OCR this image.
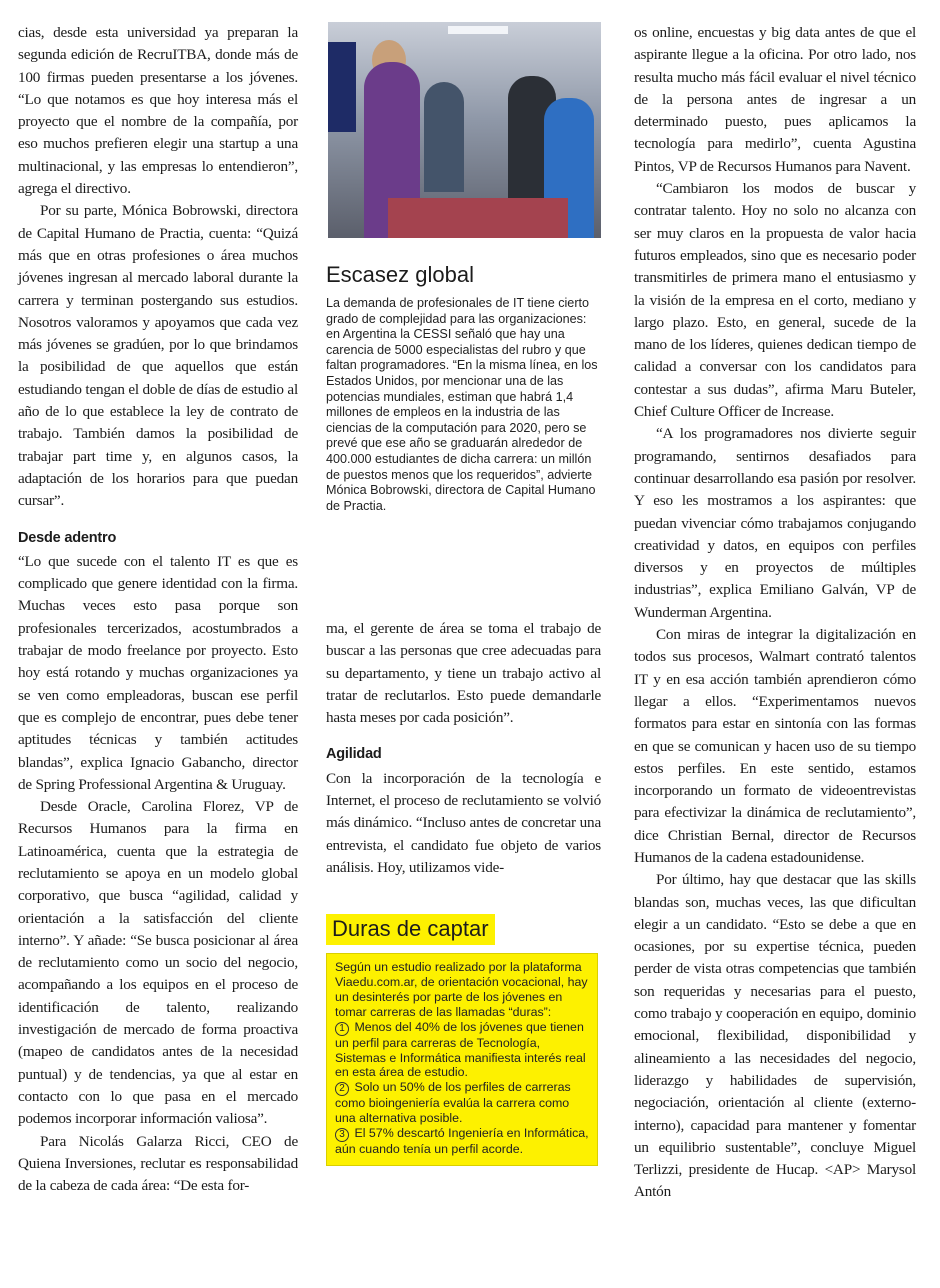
cias, desde esta universidad ya preparan la segunda edición de RecruITBA, donde más de 100 firmas pueden presentarse a los jóvenes. “Lo que notamos es que hoy interesa más el proyecto que el nombre de la compañía, por eso muchos prefieren elegir una startup a una multinacional, y las empresas lo entendieron”, agrega el directivo.

Por su parte, Mónica Bobrowski, directora de Capital Humano de Practia, cuenta: “Quizá más que en otras profesiones o área muchos jóvenes ingresan al mercado laboral durante la carrera y terminan postergando sus estudios. Nosotros valoramos y apoyamos que cada vez más jóvenes se gradúen, por lo que brindamos la posibilidad de que aquellos que están estudiando tengan el doble de días de estudio al año de lo que establece la ley de contrato de trabajo. También damos la posibilidad de trabajar part time y, en algunos casos, la adaptación de los horarios para que puedan cursar”.

Desde adentro

“Lo que sucede con el talento IT es que es complicado que genere identidad con la firma. Muchas veces esto pasa porque son profesionales tercerizados, acostumbrados a trabajar de modo freelance por proyecto. Esto hoy está rotando y muchas organizaciones ya se ven como empleadoras, buscan ese perfil que es complejo de encontrar, pues debe tener aptitudes técnicas y también actitudes blandas”, explica Ignacio Gabancho, director de Spring Professional Argentina & Uruguay.

Desde Oracle, Carolina Florez, VP de Recursos Humanos para la firma en Latinoamérica, cuenta que la estrategia de reclutamiento se apoya en un modelo global corporativo, que busca “agilidad, calidad y orientación a la satisfacción del cliente interno”. Y añade: “Se busca posicionar al área de reclutamiento como un socio del negocio, acompañando a los equipos en el proceso de identificación de talento, realizando investigación de mercado de forma proactiva (mapeo de candidatos antes de la necesidad puntual) y de tendencias, ya que al estar en contacto con lo que pasa en el mercado podemos incorporar información valiosa”.

Para Nicolás Galarza Ricci, CEO de Quiena Inversiones, reclutar es responsabilidad de la cabeza de cada área: “De esta for-

Escasez global

La demanda de profesionales de IT tiene cierto grado de complejidad para las organizaciones: en Argentina la CESSI señaló que hay una carencia de 5000 especialistas del rubro y que faltan programadores. “En la misma línea, en los Estados Unidos, por mencionar una de las potencias mundiales, estiman que habrá 1,4 millones de empleos en la industria de las ciencias de la computación para 2020, pero se prevé que ese año se graduarán alrededor de 400.000 estudiantes de dicha carrera: un millón de puestos menos que los requeridos”, advierte Mónica Bobrowski, directora de Capital Humano de Practia.

ma, el gerente de área se toma el trabajo de buscar a las personas que cree adecuadas para su departamento, y tiene un trabajo activo al tratar de reclutarlos. Esto puede demandarle hasta meses por cada posición”.

Agilidad

Con la incorporación de la tecnología e Internet, el proceso de reclutamiento se volvió más dinámico. “Incluso antes de concretar una entrevista, el candidato fue objeto de varios análisis. Hoy, utilizamos vide-

Duras de captar

Según un estudio realizado por la plataforma Viaedu.com.ar, de orientación vocacional, hay un desinterés por parte de los jóvenes en tomar carreras de las llamadas “duras”:

1 Menos del 40% de los jóvenes que tienen un perfil para carreras de Tecnología, Sistemas e Informática manifiesta interés real en esta área de estudio.

2 Solo un 50% de los perfiles de carreras como bioingeniería evalúa la carrera como una alternativa posible.

3 El 57% descartó Ingeniería en Informática, aún cuando tenía un perfil acorde.

os online, encuestas y big data antes de que el aspirante llegue a la oficina. Por otro lado, nos resulta mucho más fácil evaluar el nivel técnico de la persona antes de ingresar a un determinado puesto, pues aplicamos la tecnología para medirlo”, cuenta Agustina Pintos, VP de Recursos Humanos para Navent.

“Cambiaron los modos de buscar y contratar talento. Hoy no solo no alcanza con ser muy claros en la propuesta de valor hacia futuros empleados, sino que es necesario poder transmitirles de primera mano el entusiasmo y la visión de la empresa en el corto, mediano y largo plazo. Esto, en general, sucede de la mano de los líderes, quienes dedican tiempo de calidad a conversar con los candidatos para contestar a sus dudas”, afirma Maru Buteler, Chief Culture Officer de Increase.

“A los programadores nos divierte seguir programando, sentirnos desafiados para continuar desarrollando esa pasión por resolver. Y eso les mostramos a los aspirantes: que puedan vivenciar cómo trabajamos conjugando creatividad y datos, en equipos con perfiles diversos y en proyectos de múltiples industrias”, explica Emiliano Galván, VP de Wunderman Argentina.

Con miras de integrar la digitalización en todos sus procesos, Walmart contrató talentos IT y en esa acción también aprendieron cómo llegar a ellos. “Experimentamos nuevos formatos para estar en sintonía con las formas en que se comunican y hacen uso de su tiempo estos perfiles. En este sentido, estamos incorporando un formato de videoentrevistas para efectivizar la dinámica de reclutamiento”, dice Christian Bernal, director de Recursos Humanos de la cadena estadounidense.

Por último, hay que destacar que las skills blandas son, muchas veces, las que dificultan elegir a un candidato. “Esto se debe a que en ocasiones, por su expertise técnica, pueden perder de vista otras competencias que también son requeridas y necesarias para el puesto, como trabajo y cooperación en equipo, dominio emocional, flexibilidad, disponibilidad y alineamiento a las necesidades del negocio, liderazgo y habilidades de supervisión, negociación, orientación al cliente (externo-interno), capacidad para mantener y fomentar un equilibrio sustentable”, concluye Miguel Terlizzi, presidente de Hucap. <AP> Marysol Antón
